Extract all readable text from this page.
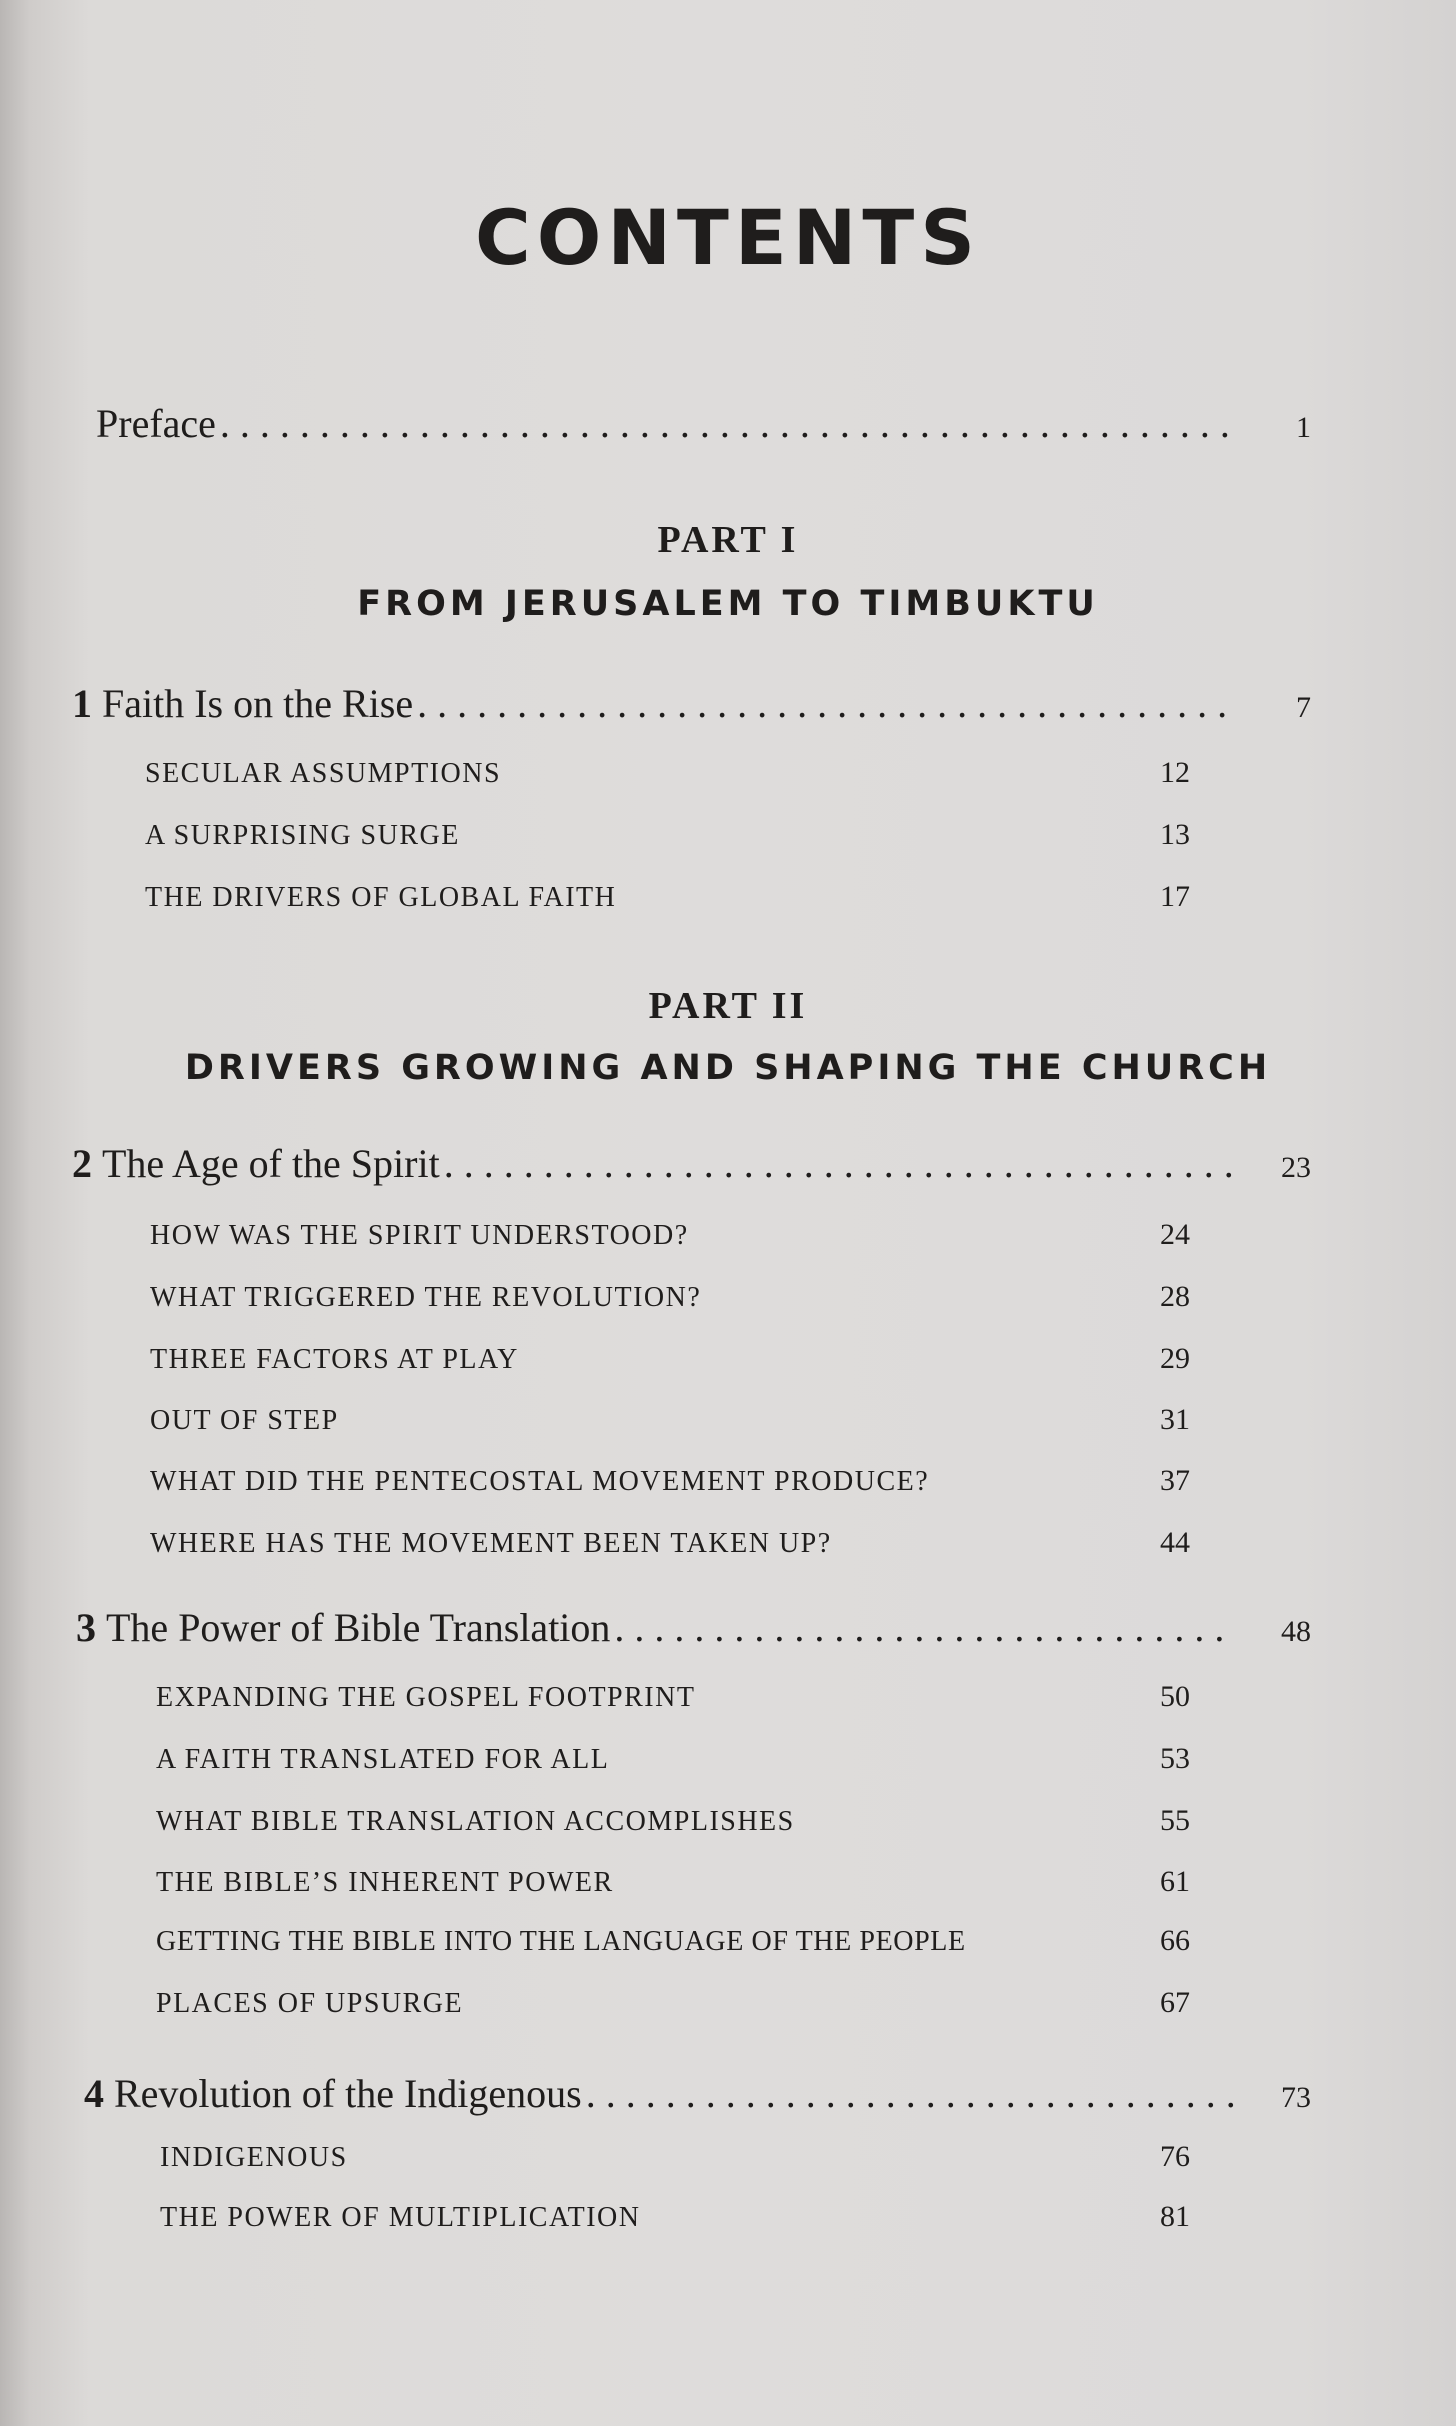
CONTENTS
Preface . . .	1
PART I
FROM JERUSALEM TO TIMBUKTU
1 Faith Is on the Rise . . .	7
SECULAR ASSUMPTIONS	12
A SURPRISING SURGE	13
THE DRIVERS OF GLOBAL FAITH	17
PART II
DRIVERS GROWING AND SHAPING THE CHURCH
2 The Age of the Spirit . . .	23
HOW WAS THE SPIRIT UNDERSTOOD?	24
WHAT TRIGGERED THE REVOLUTION?	28
THREE FACTORS AT PLAY	29
OUT OF STEP	31
WHAT DID THE PENTECOSTAL MOVEMENT PRODUCE?	37
WHERE HAS THE MOVEMENT BEEN TAKEN UP?	44
3 The Power of Bible Translation . . .	48
EXPANDING THE GOSPEL FOOTPRINT	50
A FAITH TRANSLATED FOR ALL	53
WHAT BIBLE TRANSLATION ACCOMPLISHES	55
THE BIBLE’S INHERENT POWER	61
GETTING THE BIBLE INTO THE LANGUAGE OF THE PEOPLE	66
PLACES OF UPSURGE	67
4 Revolution of the Indigenous . . .	73
INDIGENOUS	76
THE POWER OF MULTIPLICATION	81
